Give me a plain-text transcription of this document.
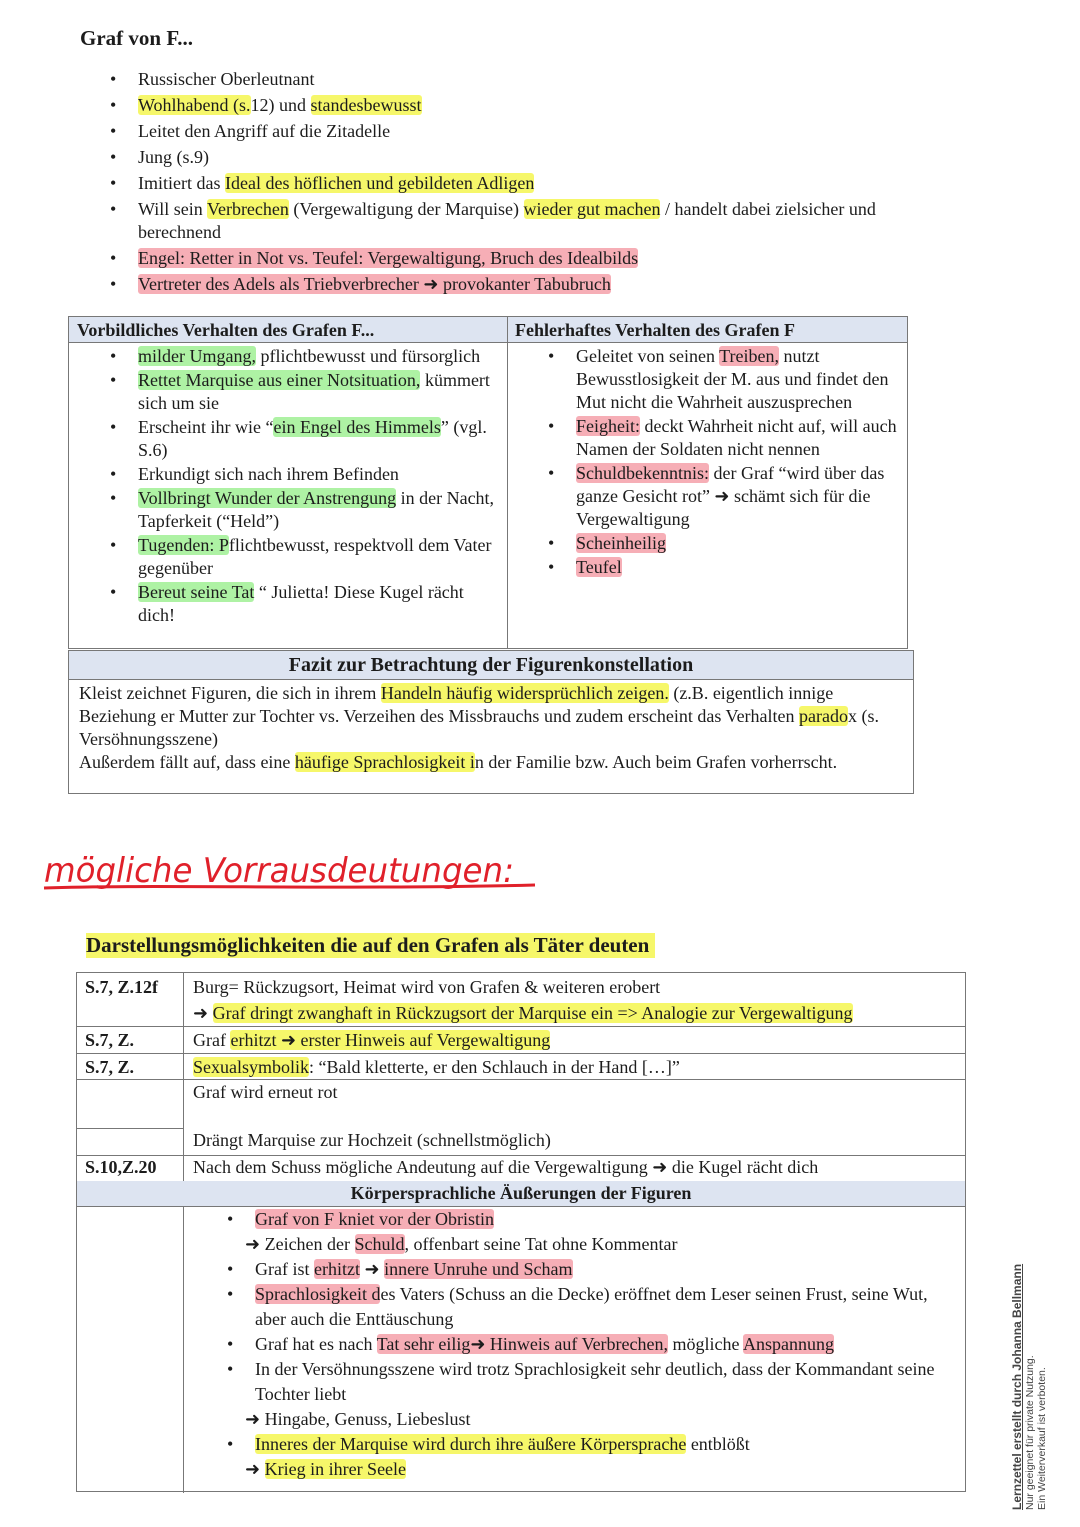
Graf von F...
• Russischer Oberleutnant
• Wohlhabend (s.12) und standesbewusst
• Leitet den Angriff auf die Zitadelle
• Jung (s.9)
• Imitiert das Ideal des höflichen und gebildeten Adligen
• Will sein Verbrechen (Vergewaltigung der Marquise) wieder gut machen / handelt dabei zielsicher und berechnend
• Engel: Retter in Not vs. Teufel: Vergewaltigung, Bruch des Idealbilds
• Vertreter des Adels als Triebverbrecher ➜ provokanter Tabubruch
Vorbildliches Verhalten des Grafen F...	Fehlerhaftes Verhalten des Grafen F
• milder Umgang, pflichtbewusst und fürsorglich
• Rettet Marquise aus einer Notsituation, kümmert sich um sie
• Erscheint ihr wie “ein Engel des Himmels” (vgl. S.6)
• Erkundigt sich nach ihrem Befinden
• Vollbringt Wunder der Anstrengung in der Nacht, Tapferkeit (“Held”)
• Tugenden: Pflichtbewusst, respektvoll dem Vater gegenüber
• Bereut seine Tat “ Julietta! Diese Kugel rächt dich!
• Geleitet von seinen Treiben, nutzt Bewusstlosigkeit der M. aus und findet den Mut nicht die Wahrheit auszusprechen
• Feigheit: deckt Wahrheit nicht auf, will auch Namen der Soldaten nicht nennen
• Schuldbekenntnis: der Graf “wird über das ganze Gesicht rot” ➜ schämt sich für die Vergewaltigung
• Scheinheilig
• Teufel
Fazit zur Betrachtung der Figurenkonstellation
Kleist zeichnet Figuren, die sich in ihrem Handeln häufig widersprüchlich zeigen. (z.B. eigentlich innige Beziehung er Mutter zur Tochter vs. Verzeihen des Missbrauchs und zudem erscheint das Verhalten paradox (s. Versöhnungsszene)
Außerdem fällt auf, dass eine häufige Sprachlosigkeit in der Familie bzw. Auch beim Grafen vorherrscht.
mögliche Vorrausdeutungen:
Darstellungsmöglichkeiten die auf den Grafen als Täter deuten
S.7, Z.12f
S.7, Z.
S.7, Z.
S.10,Z.20
Burg= Rückzugsort, Heimat wird von Grafen & weiteren erobert
➜ Graf dringt zwanghaft in Rückzugsort der Marquise ein => Analogie zur Vergewaltigung
Graf erhitzt ➜ erster Hinweis auf Vergewaltigung
Sexualsymbolik: “Bald kletterte, er den Schlauch in der Hand […]”
Graf wird erneut rot
Drängt Marquise zur Hochzeit (schnellstmöglich)
Nach dem Schuss mögliche Andeutung auf die Vergewaltigung ➜ die Kugel rächt dich
Körpersprachliche Äußerungen der Figuren
• Graf von F kniet vor der Obristin
➜ Zeichen der Schuld, offenbart seine Tat ohne Kommentar
• Graf ist erhitzt ➜ innere Unruhe und Scham
• Sprachlosigkeit des Vaters (Schuss an die Decke) eröffnet dem Leser seinen Frust, seine Wut, aber auch die Enttäuschung
• Graf hat es nach Tat sehr eilig➜ Hinweis auf Verbrechen, mögliche Anspannung
• In der Versöhnungsszene wird trotz Sprachlosigkeit sehr deutlich, dass der Kommandant seine Tochter liebt
➜ Hingabe, Genuss, Liebeslust
• Inneres der Marquise wird durch ihre äußere Körpersprache entblößt
➜ Krieg in ihrer Seele	Lernzettel erstellt durch Johanna Bellmann Nur geeignet für private Nutzung. Ein Weiterverkauf ist verboten.
